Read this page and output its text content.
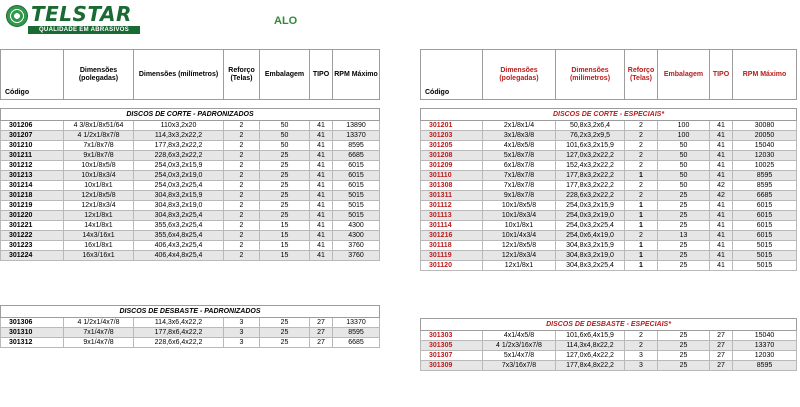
TELSTAR
QUALIDADE EM ABRASIVOS
ALO
Código	Dimensões (polegadas)	Dimensões (milímetros)	Reforço (Telas)	Embalagem	TIPO	RPM Máximo

DISCOS DE CORTE - PADRONIZADOS						
301206	4 3/8x1/8x51/64	110x3,2x20	2	50	41	13890
301207	4 1/2x1/8x7/8	114,3x3,2x22,2	2	50	41	13370
301210	7x1/8x7/8	177,8x3,2x22,2	2	50	41	8595
301211	9x1/8x7/8	228,6x3,2x22,2	2	25	41	6685
301212	10x1/8x5/8	254,0x3,2x15,9	2	25	41	6015
301213	10x1/8x3/4	254,0x3,2x19,0	2	25	41	6015
301214	10x1/8x1	254,0x3,2x25,4	2	25	41	6015
301218	12x1/8x5/8	304,8x3,2x15,9	2	25	41	5015
301219	12x1/8x3/4	304,8x3,2x19,0	2	25	41	5015
301220	12x1/8x1	304,8x3,2x25,4	2	25	41	5015
301221	14x1/8x1	355,6x3,2x25,4	2	15	41	4300
301222	14x3/16x1	355,6x4,8x25,4	2	15	41	4300
301223	16x1/8x1	406,4x3,2x25,4	2	15	41	3760
301224	16x3/16x1	406,4x4,8x25,4	2	15	41	3760
DISCOS DE DESBASTE - PADRONIZADOS						
301306	4 1/2x1/4x7/8	114,3x6,4x22,2	3	25	27	13370
301310	7x1/4x7/8	177,8x6,4x22,2	3	25	27	8595
301312	9x1/4x7/8	228,6x6,4x22,2	3	25	27	6685
Código	Dimensões (polegadas)	Dimensões (milímetros)	Reforço (Telas)	Embalagem	TIPO	RPM Máximo

DISCOS DE CORTE - ESPECIAIS*						
301201	2x1/8x1/4	50,8x3,2x6,4	2	100	41	30080
301203	3x1/8x3/8	76,2x3,2x9,5	2	100	41	20050
301205	4x1/8x5/8	101,6x3,2x15,9	2	50	41	15040
301208	5x1/8x7/8	127,0x3,2x22,2	2	50	41	12030
301209	6x1/8x7/8	152,4x3,2x22,2	2	50	41	10025
301110	7x1/8x7/8	177,8x3,2x22,2	1	50	41	8595
301308	7x1/8x7/8	177,8x3,2x22,2	2	50	42	8595
301311	9x1/8x7/8	228,6x3,2x22,2	2	25	42	6685
301112	10x1/8x5/8	254,0x3,2x15,9	1	25	41	6015
301113	10x1/8x3/4	254,0x3,2x19,0	1	25	41	6015
301114	10x1/8x1	254,0x3,2x25,4	1	25	41	6015
301216	10x1/4x3/4	254,0x6,4x19,0	2	13	41	6015
301118	12x1/8x5/8	304,8x3,2x15,9	1	25	41	5015
301119	12x1/8x3/4	304,8x3,2x19,0	1	25	41	5015
301120	12x1/8x1	304,8x3,2x25,4	1	25	41	5015
DISCOS DE DESBASTE - ESPECIAIS*						
301303	4x1/4x5/8	101,6x6,4x15,9	2	25	27	15040
301305	4 1/2x3/16x7/8	114,3x4,8x22,2	2	25	27	13370
301307	5x1/4x7/8	127,0x6,4x22,2	3	25	27	12030
301309	7x3/16x7/8	177,8x4,8x22,2	3	25	27	8595
